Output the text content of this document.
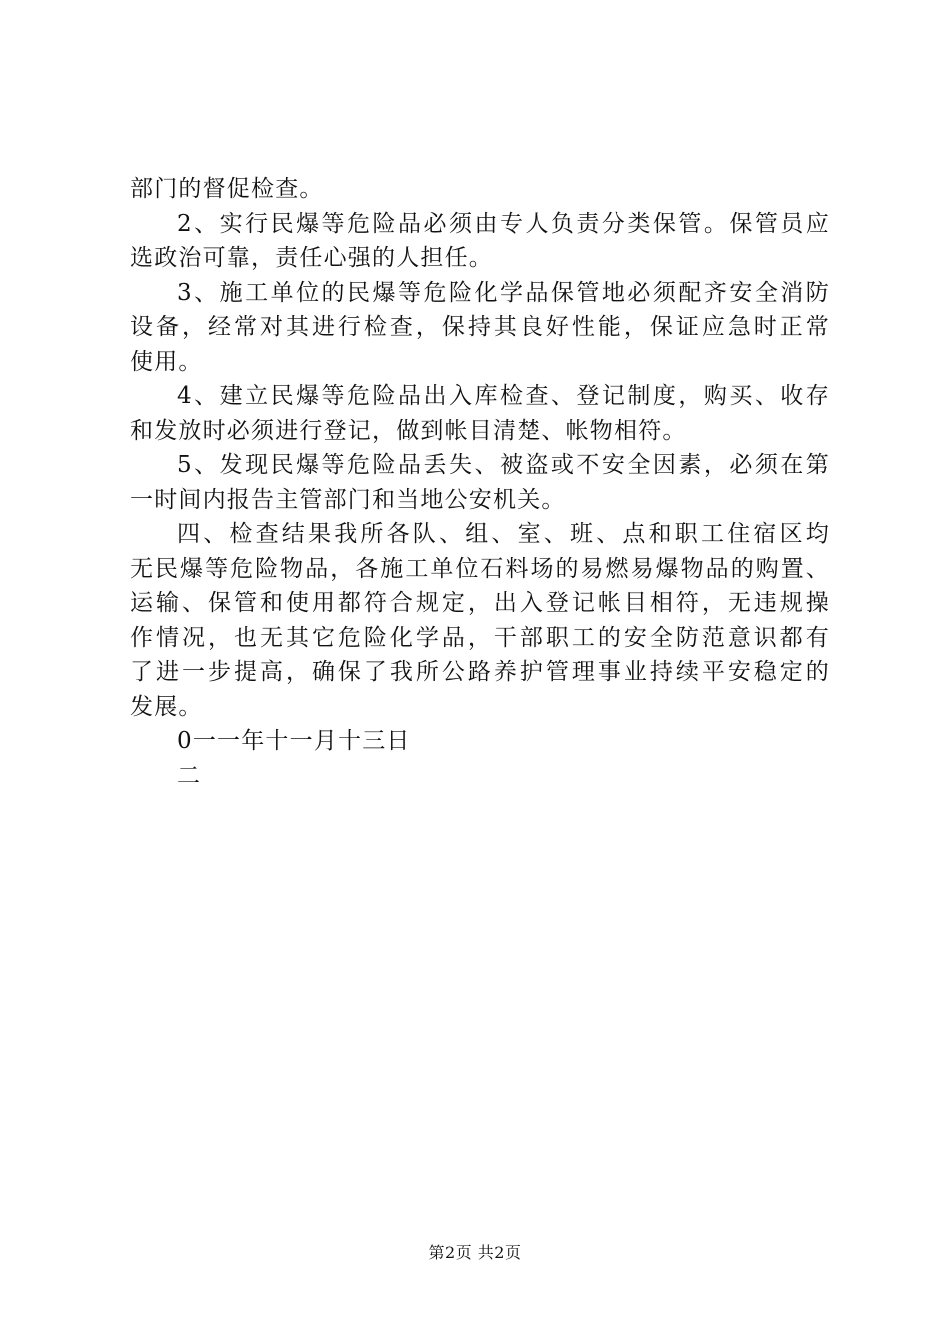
部门的督促检查。
2、实行民爆等危险品必须由专人负责分类保管。保管员应
选政治可靠，责任心强的人担任。
3、施工单位的民爆等危险化学品保管地必须配齐安全消防
设备，经常对其进行检查，保持其良好性能，保证应急时正常
使用。
4、建立民爆等危险品出入库检查、登记制度，购买、收存
和发放时必须进行登记，做到帐目清楚、帐物相符。
5、发现民爆等危险品丢失、被盗或不安全因素，必须在第
一时间内报告主管部门和当地公安机关。
四、检查结果我所各队、组、室、班、点和职工住宿区均
无民爆等危险物品，各施工单位石料场的易燃易爆物品的购置、
运输、保管和使用都符合规定，出入登记帐目相符，无违规操
作情况，也无其它危险化学品，干部职工的安全防范意识都有
了进一步提高，确保了我所公路养护管理事业持续平安稳定的
发展。
0一一年十一月十三日
二
第2页 共2页
